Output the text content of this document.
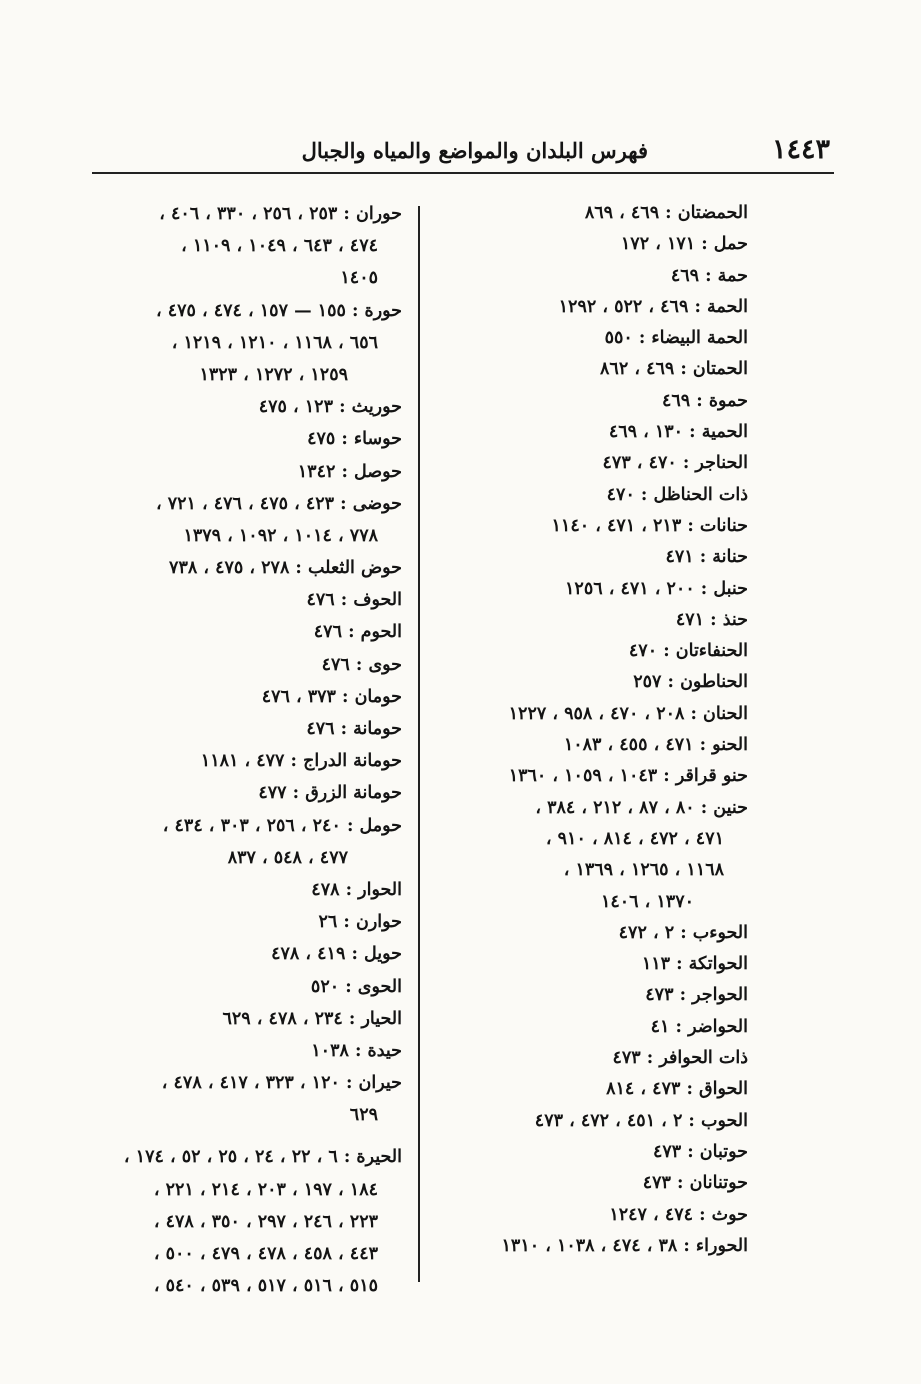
١٤٤٣
فهرس البلدان والمواضع والمياه والجبال
الحمضتان : ٤٦٩ ، ٨٦٩
حمل : ١٧١ ، ١٧٢
حمة : ٤٦٩
الحمة : ٤٦٩ ، ٥٢٢ ، ١٢٩٢
الحمة البيضاء : ٥٥٠
الحمتان : ٤٦٩ ، ٨٦٢
حموة : ٤٦٩
الحمية : ١٣٠ ، ٤٦٩
الحناجر : ٤٧٠ ، ٤٧٣
ذات الحناظل : ٤٧٠
حنانات : ٢١٣ ، ٤٧١ ، ١١٤٠
حنانة : ٤٧١
حنبل : ٢٠٠ ، ٤٧١ ، ١٢٥٦
حنذ : ٤٧١
الحنفاءتان : ٤٧٠
الحناطون : ٢٥٧
الحنان : ٢٠٨ ، ٤٧٠ ، ٩٥٨ ، ١٢٢٧
الحنو : ٤٧١ ، ٤٥٥ ، ١٠٨٣
حنو قراقر : ١٠٤٣ ، ١٠٥٩ ، ١٣٦٠
حنين : ٨٠ ، ٨٧ ، ٢١٢ ، ٣٨٤ ،
٤٧١ ، ٤٧٢ ، ٨١٤ ، ٩١٠ ،
١١٦٨ ، ١٢٦٥ ، ١٣٦٩ ،
١٣٧٠ ، ١٤٠٦
الحوءب : ٢ ، ٤٧٢
الحواتكة : ١١٣
الحواجر : ٤٧٣
الحواضر : ٤١
ذات الحوافر : ٤٧٣
الحواق : ٤٧٣ ، ٨١٤
الحوب : ٢ ، ٤٥١ ، ٤٧٢ ، ٤٧٣
حوتبان : ٤٧٣
حوتنانان : ٤٧٣
حوث : ٤٧٤ ، ١٢٤٧
الحوراء : ٣٨ ، ٤٧٤ ، ١٠٣٨ ، ١٣١٠
حوران : ٢٥٣ ، ٢٥٦ ، ٣٣٠ ، ٤٠٦ ،
٤٧٤ ، ٦٤٣ ، ١٠٤٩ ، ١١٠٩ ،
١٤٠٥
حورة : ١٥٥ — ١٥٧ ، ٤٧٤ ، ٤٧٥ ،
٦٥٦ ، ١١٦٨ ، ١٢١٠ ، ١٢١٩ ،
١٢٥٩ ، ١٢٧٢ ، ١٣٢٣
حوريث : ١٢٣ ، ٤٧٥
حوساء : ٤٧٥
حوصل : ١٣٤٢
حوضى : ٤٢٣ ، ٤٧٥ ، ٤٧٦ ، ٧٢١ ،
٧٧٨ ، ١٠١٤ ، ١٠٩٢ ، ١٣٧٩
حوض الثعلب : ٢٧٨ ، ٤٧٥ ، ٧٣٨
الحوف : ٤٧٦
الحوم : ٤٧٦
حوى : ٤٧٦
حومان : ٣٧٣ ، ٤٧٦
حومانة : ٤٧٦
حومانة الدراج : ٤٧٧ ، ١١٨١
حومانة الزرق : ٤٧٧
حومل : ٢٤٠ ، ٢٥٦ ، ٣٠٣ ، ٤٣٤ ،
٤٧٧ ، ٥٤٨ ، ٨٣٧
الحوار : ٤٧٨
حوارن : ٢٦
حويل : ٤١٩ ، ٤٧٨
الحوى : ٥٢٠
الحيار : ٢٣٤ ، ٤٧٨ ، ٦٢٩
حيدة : ١٠٣٨
حيران : ١٢٠ ، ٣٢٣ ، ٤١٧ ، ٤٧٨ ،
٦٢٩
الحيرة : ٦ ، ٢٢ ، ٢٤ ، ٢٥ ، ٥٢ ، ١٧٤ ،
١٨٤ ، ١٩٧ ، ٢٠٣ ، ٢١٤ ، ٢٢١ ،
٢٢٣ ، ٢٤٦ ، ٢٩٧ ، ٣٥٠ ، ٤٧٨ ،
٤٤٣ ، ٤٥٨ ، ٤٧٨ ، ٤٧٩ ، ٥٠٠ ،
٥١٥ ، ٥١٦ ، ٥١٧ ، ٥٣٩ ، ٥٤٠ ،
